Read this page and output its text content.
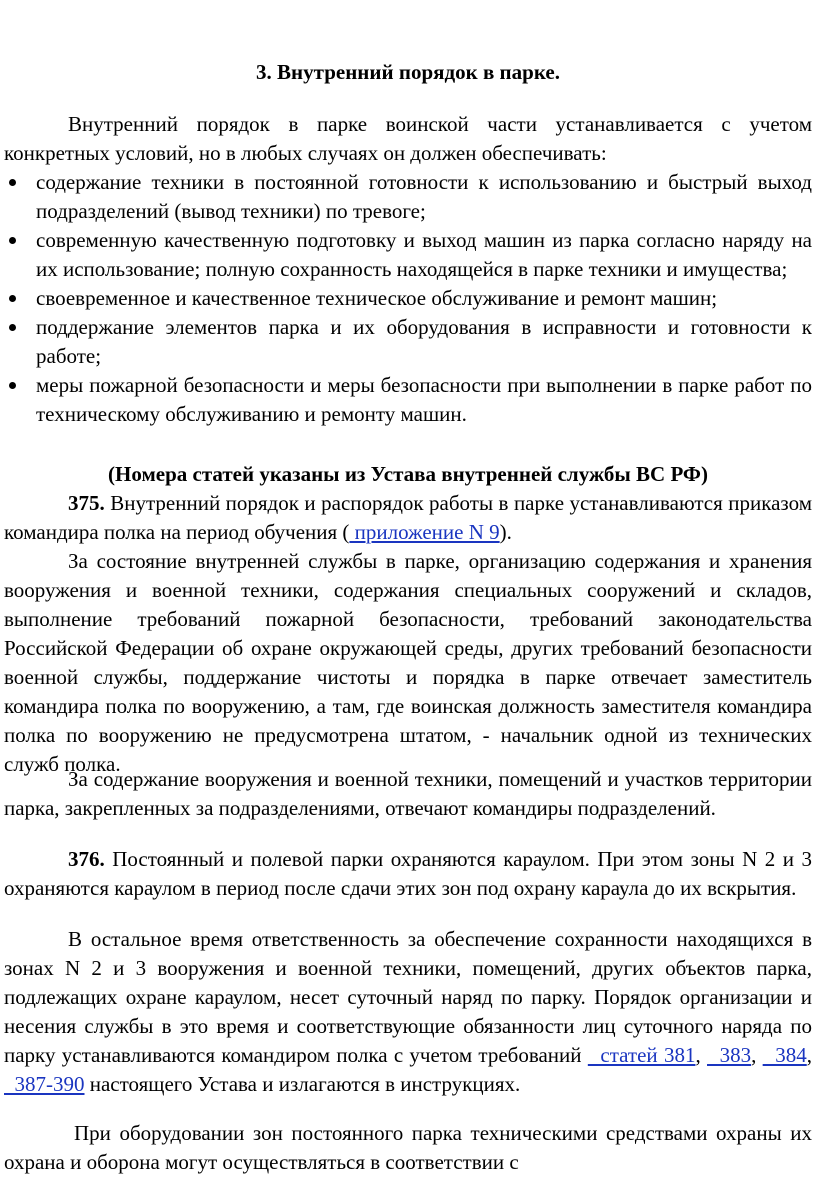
3. Внутренний порядок в парке.
Внутренний порядок в парке воинской части устанавливается с учетом конкретных условий, но в любых случаях он должен обеспечивать:
содержание техники в постоянной готовности к использованию и быстрый выход подразделений (вывод техники) по тревоге;
современную качественную подготовку и выход машин из парка согласно наряду на их использование; полную сохранность находящейся в парке техники и имущества;
своевременное и качественное техническое обслуживание и ремонт машин;
поддержание элементов парка и их оборудования в исправности и готовности к работе;
меры пожарной безопасности и меры безопасности при выполнении в парке работ по техническому обслуживанию и ремонту машин.
(Номера статей указаны из Устава внутренней службы ВС РФ)
375. Внутренний порядок и распорядок работы в парке устанавливаются приказом командира полка на период обучения ( приложение N 9).
За состояние внутренней службы в парке, организацию содержания и хранения вооружения и военной техники, содержания специальных сооружений и складов, выполнение требований пожарной безопасности, требований законодательства Российской Федерации об охране окружающей среды, других требований безопасности военной службы, поддержание чистоты и порядка в парке отвечает заместитель командира полка по вооружению, а там, где воинская должность заместителя командира полка по вооружению не предусмотрена штатом, - начальник одной из технических служб полка.
За содержание вооружения и военной техники, помещений и участков территории парка, закрепленных за подразделениями, отвечают командиры подразделений.
376. Постоянный и полевой парки охраняются караулом. При этом зоны N 2 и 3 охраняются караулом в период после сдачи этих зон под охрану караула до их вскрытия.
В остальное время ответственность за обеспечение сохранности находящихся в зонах N 2 и 3 вооружения и военной техники, помещений, других объектов парка, подлежащих охране караулом, несет суточный наряд по парку. Порядок организации и несения службы в это время и соответствующие обязанности лиц суточного наряда по парку устанавливаются командиром полка с учетом требований   статей 381,   383,   384,   387-390 настоящего Устава и излагаются в инструкциях.
При оборудовании зон постоянного парка техническими средствами охраны их охрана и оборона могут осуществляться в соответствии с
